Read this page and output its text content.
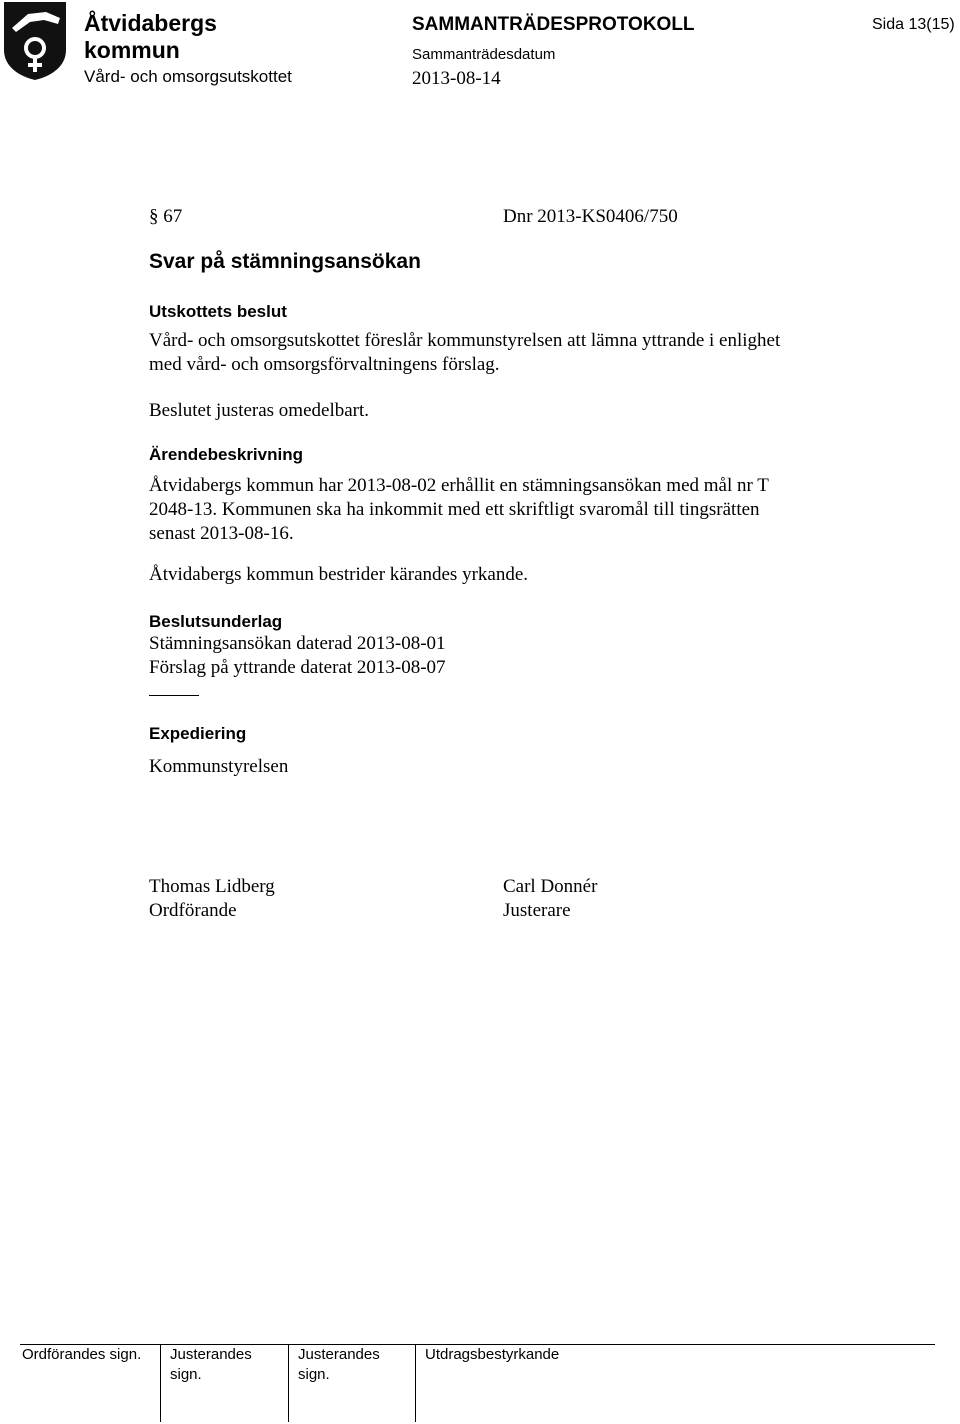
Åtvidabergs
kommun
Vård- och omsorgsutskottet
SAMMANTRÄDESPROTOKOLL
Sammanträdesdatum
2013-08-14
Sida 13(15)
§ 67	Dnr 2013-KS0406/750
Svar på stämningsansökan
Utskottets beslut
Vård- och omsorgsutskottet föreslår kommunstyrelsen att lämna yttrande i enlighet
med vård- och omsorgsförvaltningens förslag.
Beslutet justeras omedelbart.
Ärendebeskrivning
Åtvidabergs kommun har 2013-08-02 erhållit en stämningsansökan med mål nr T
2048-13. Kommunen ska ha inkommit med ett skriftligt svaromål till tingsrätten
senast 2013-08-16.
Åtvidabergs kommun bestrider kärandes yrkande.
Beslutsunderlag
Stämningsansökan daterad 2013-08-01
Förslag på yttrande daterat 2013-08-07
Expediering
Kommunstyrelsen
Thomas Lidberg
Ordförande
Carl Donnér
Justerare
Ordförandes sign. Justerandes
sign.
Justerandes
sign.
Utdragsbestyrkande
